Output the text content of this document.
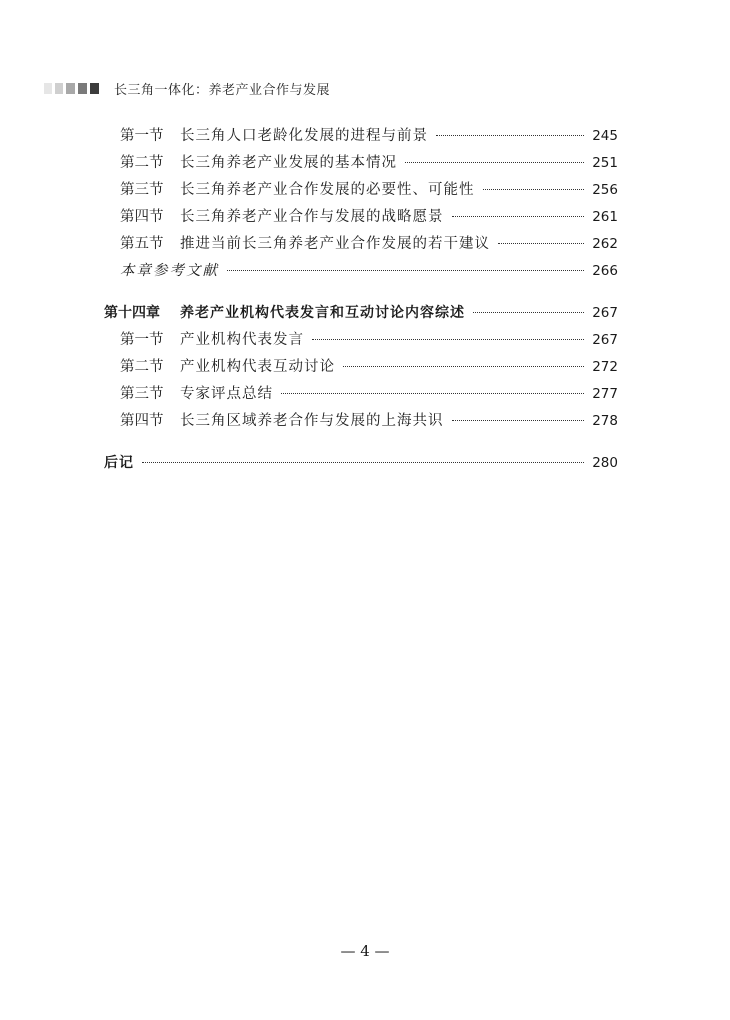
长三角一体化：养老产业合作与发展
第一节	长三角人口老龄化发展的进程与前景	245
第二节	长三角养老产业发展的基本情况	251
第三节	长三角养老产业合作发展的必要性、可能性	256
第四节	长三角养老产业合作与发展的战略愿景	261
第五节	推进当前长三角养老产业合作发展的若干建议	262
本章参考文献	266
第十四章	养老产业机构代表发言和互动讨论内容综述	267
第一节	产业机构代表发言	267
第二节	产业机构代表互动讨论	272
第三节	专家评点总结	277
第四节	长三角区域养老合作与发展的上海共识	278
后记	280
— 4 —
